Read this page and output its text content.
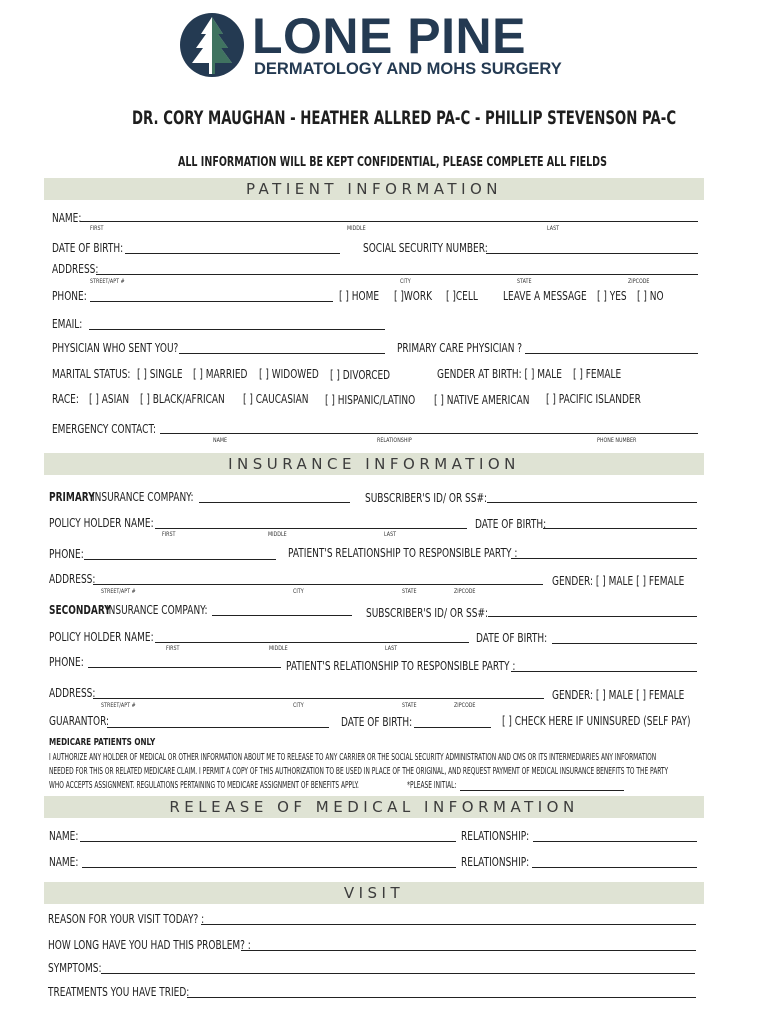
LONE PINE
DERMATOLOGY AND MOHS SURGERY
DR. CORY MAUGHAN - HEATHER ALLRED PA-C - PHILLIP STEVENSON PA-C
ALL INFORMATION WILL BE KEPT CONFIDENTIAL, PLEASE COMPLETE ALL FIELDS
PATIENT INFORMATION
NAME:
FIRST	MIDDLE	LAST
DATE OF BIRTH:	SOCIAL SECURITY NUMBER:
ADDRESS:
STREET/APT #	CITY	STATE	ZIPCODE
PHONE:	[ ] HOME [ ]WORK [ ]CELL LEAVE A MESSAGE [ ] YES [ ] NO
EMAIL:
PHYSICIAN WHO SENT YOU?	PRIMARY CARE PHYSICIAN ?
MARITAL STATUS: [ ] SINGLE [ ] MARRIED [ ] WIDOWED [ ] DIVORCED	GENDER AT BIRTH: [ ] MALE [ ] FEMALE
RACE: [ ] ASIAN [ ] BLACK/AFRICAN [ ] CAUCASIAN [ ] HISPANIC/LATINO [ ] NATIVE AMERICAN [ ] PACIFIC ISLANDER
EMERGENCY CONTACT:
NAME	RELATIONSHIP	PHONE NUMBER
INSURANCE INFORMATION
PRIMARY
INSURANCE COMPANY:	SUBSCRIBER'S ID/ OR SS#:
POLICY HOLDER NAME:
FIRST	MIDDLE	LAST
DATE OF BIRTH:
PHONE:	PATIENT'S RELATIONSHIP TO RESPONSIBLE PARTY :
ADDRESS:
STREET/APT #	CITY	STATE	ZIPCODE
GENDER: [ ] MALE [ ] FEMALE
SECONDARY
INSURANCE COMPANY:	SUBSCRIBER'S ID/ OR SS#:
POLICY HOLDER NAME:
FIRST	MIDDLE	LAST
DATE OF BIRTH:
PHONE:	PATIENT'S RELATIONSHIP TO RESPONSIBLE PARTY :
ADDRESS:
STREET/APT #	CITY	STATE	ZIPCODE
GENDER: [ ] MALE [ ] FEMALE
GUARANTOR:	DATE OF BIRTH:	[ ] CHECK HERE IF UNINSURED (SELF PAY)
MEDICARE PATIENTS ONLY
I AUTHORIZE ANY HOLDER OF MEDICAL OR OTHER INFORMATION ABOUT ME TO RELEASE TO ANY CARRIER OR THE SOCIAL SECURITY ADMINISTRATION AND CMS OR ITS INTERMEDIARIES ANY INFORMATION
NEEDED FOR THIS OR RELATED MEDICARE CLAIM. I PERMIT A COPY OF THIS AUTHORIZATION TO BE USED IN PLACE OF THE ORIGINAL, AND REQUEST PAYMENT OF MEDICAL INSURANCE BENEFITS TO THE PARTY
WHO ACCEPTS ASSIGNMENT. REGULATIONS PERTAINING TO MEDICARE ASSIGNMENT OF BENEFITS APPLY.	*PLEASE INITIAL:
RELEASE OF MEDICAL INFORMATION
NAME:	RELATIONSHIP:
NAME:	RELATIONSHIP:
VISIT
REASON FOR YOUR VISIT TODAY? :
HOW LONG HAVE YOU HAD THIS PROBLEM? :
SYMPTOMS:
TREATMENTS YOU HAVE TRIED:
